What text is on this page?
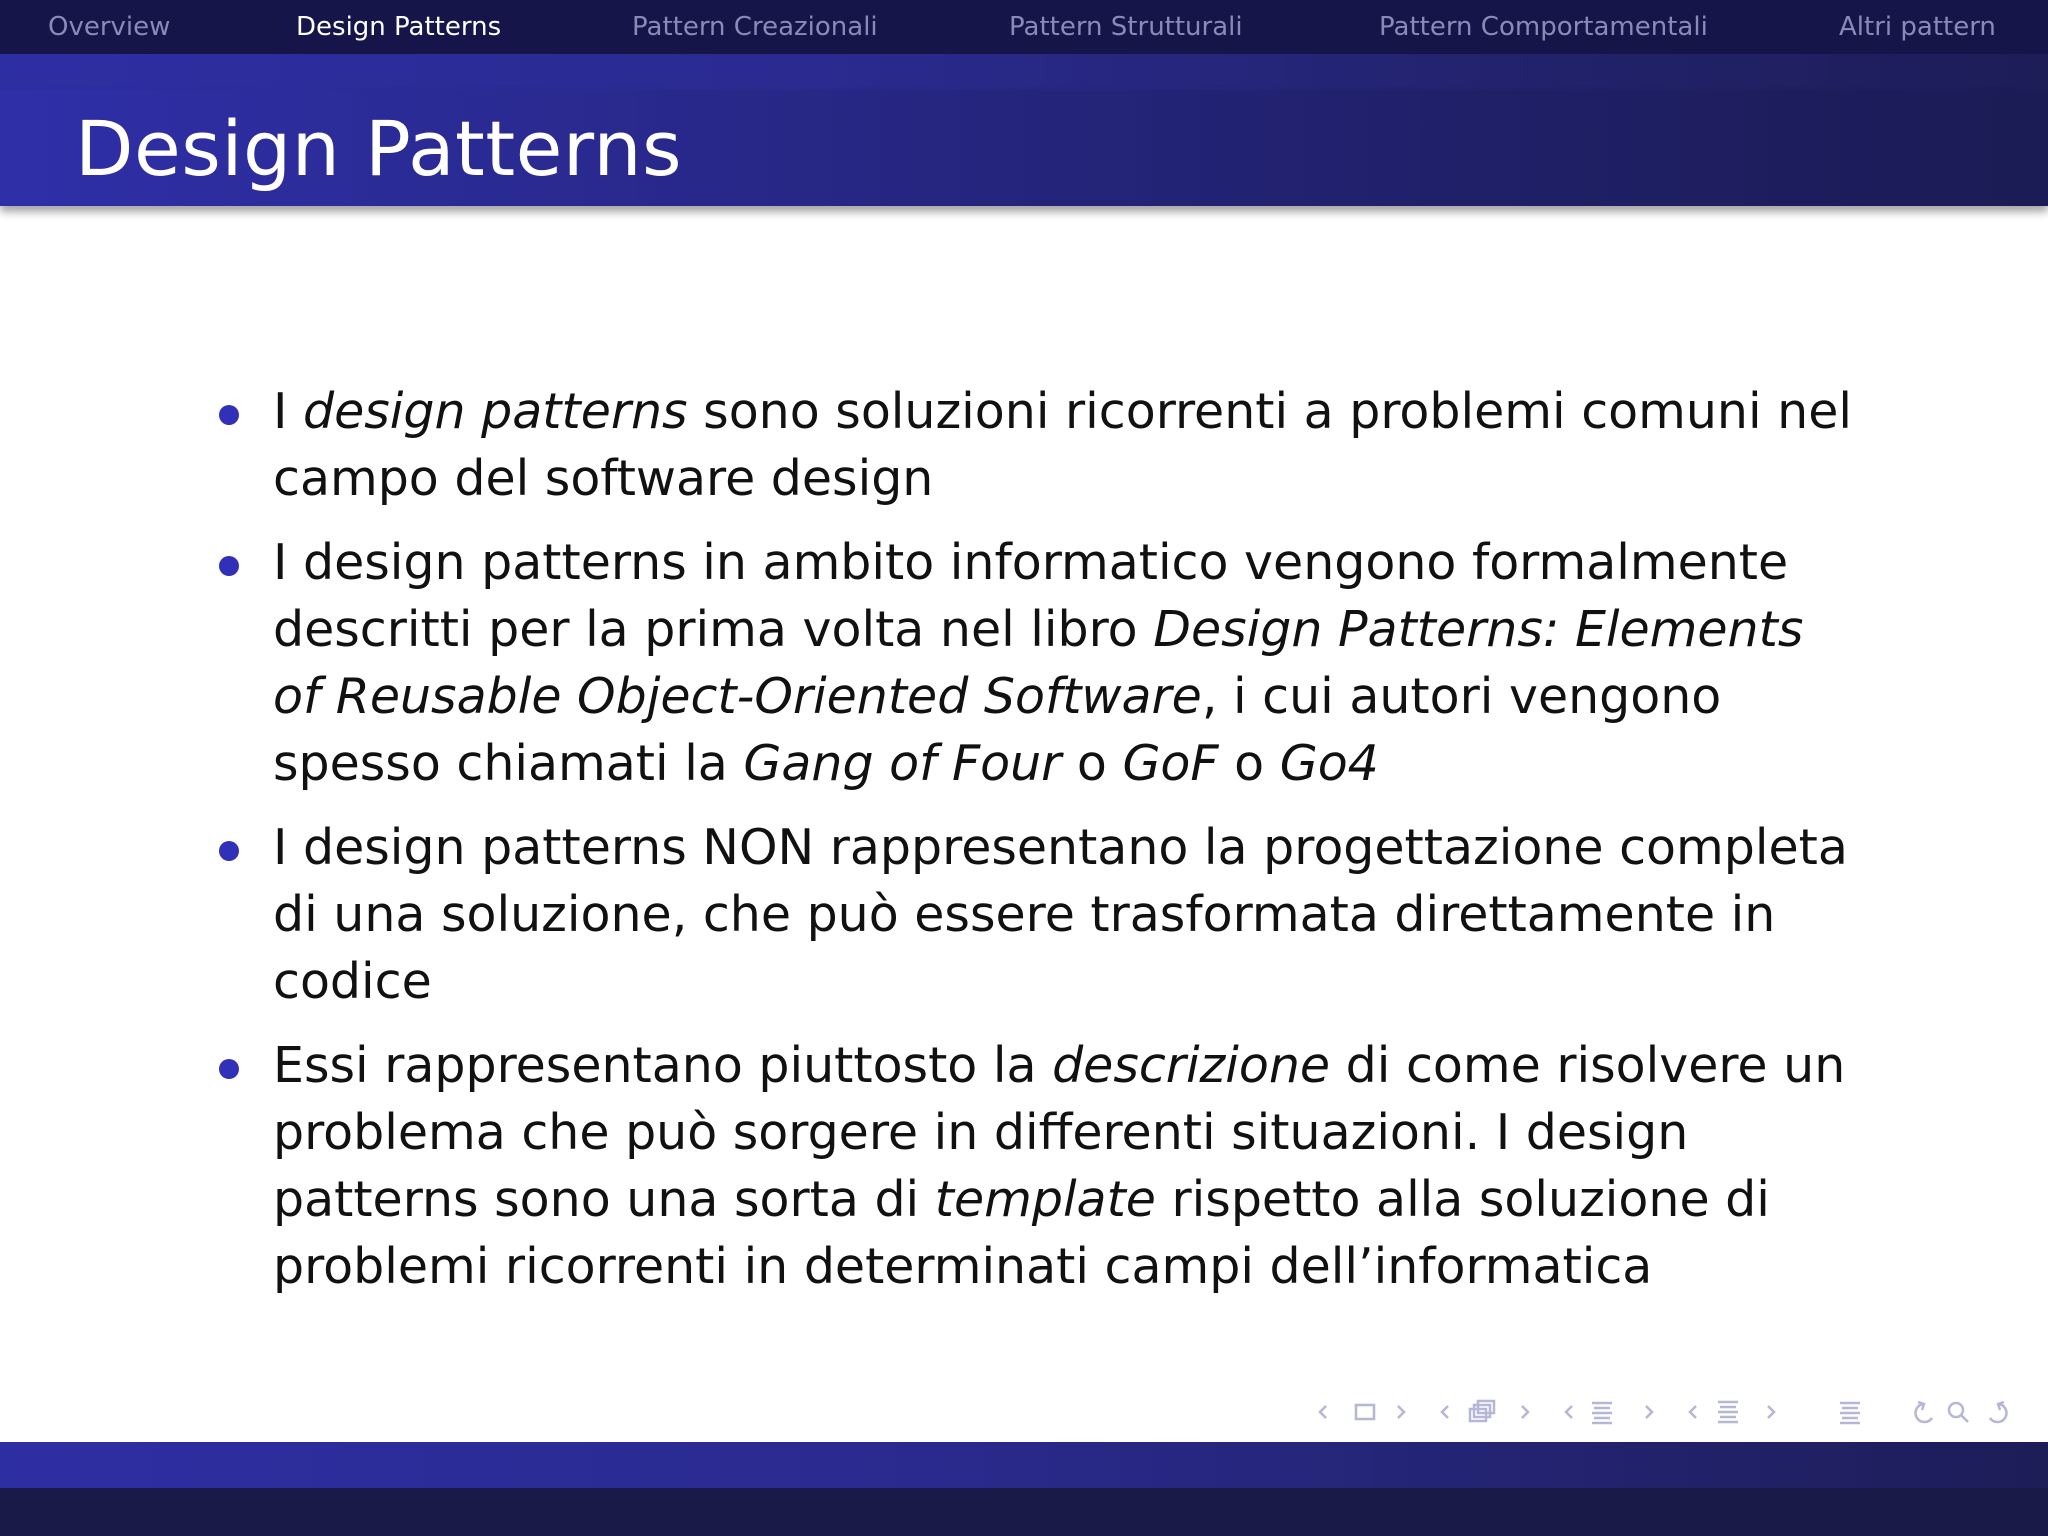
Overview	Design Patterns	Pattern Creazionali	Pattern Strutturali	Pattern Comportamentali	Altri pattern
Design Patterns
I design patterns sono soluzioni ricorrenti a problemi comuni nel campo del software design
I design patterns in ambito informatico vengono formalmente descritti per la prima volta nel libro Design Patterns: Elements of Reusable Object-Oriented Software, i cui autori vengono spesso chiamati la Gang of Four o GoF o Go4
I design patterns NON rappresentano la progettazione completa di una soluzione, che può essere trasformata direttamente in codice
Essi rappresentano piuttosto la descrizione di come risolvere un problema che può sorgere in differenti situazioni. I design patterns sono una sorta di template rispetto alla soluzione di problemi ricorrenti in determinati campi dell’informatica
